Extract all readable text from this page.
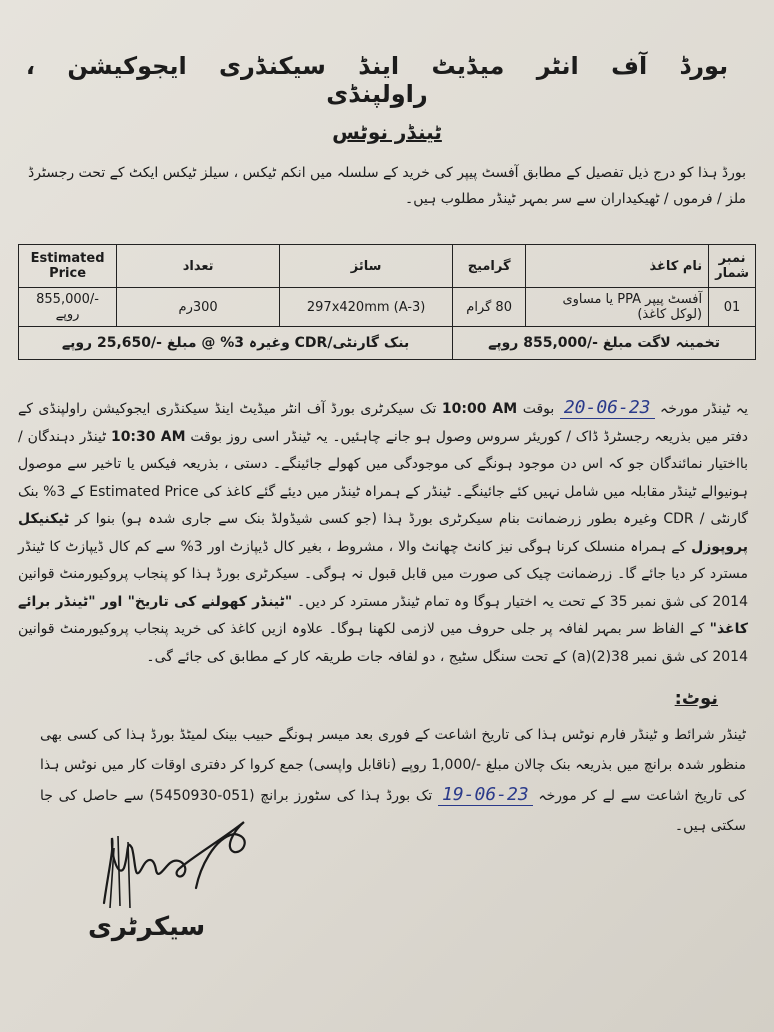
بورڈ آف انٹر میڈیٹ اینڈ سیکنڈری ایجوکیشن ، راولپنڈی
ٹینڈر نوٹس
بورڈ ہذا کو درج ذیل تفصیل کے مطابق آفسٹ پیپر کی خرید کے سلسلہ میں انکم ٹیکس ، سیلز ٹیکس ایکٹ کے تحت رجسٹرڈ ملز / فرموں / ٹھیکیداران سے سر بمہر ٹینڈر مطلوب ہیں۔
نمبر شمار	نام کاغذ	گرامیج	سائز	تعداد	Estimated Price
01	آفسٹ پیپر PPA یا مساوی (لوکل کاغذ)	80 گرام	297x420mm (A-3)	300رم	-/855,000 روپے
تخمینہ لاگت مبلغ -/855,000 روپے			بنک گارنٹی/CDR وغیرہ 3% @ مبلغ -/25,650 روپے		
یہ ٹینڈر مورخہ 20-06-23 بوقت 10:00 AM تک سیکرٹری بورڈ آف انٹر میڈیٹ اینڈ سیکنڈری ایجوکیشن راولپنڈی کے دفتر میں بذریعہ رجسٹرڈ ڈاک / کوریئر سروس وصول ہو جانے چاہئیں۔ یہ ٹینڈر اسی روز بوقت 10:30 AM ٹینڈر دہندگان / بااختیار نمائندگان جو کہ اس دن موجود ہونگے کی موجودگی میں کھولے جائینگے۔ دستی ، بذریعہ فیکس یا تاخیر سے موصول ہونیوالے ٹینڈر مقابلہ میں شامل نہیں کئے جائینگے۔ ٹینڈر کے ہمراہ ٹینڈر میں دیئے گئے کاغذ کی Estimated Price کے 3% بنک گارنٹی / CDR وغیرہ بطور زرضمانت بنام سیکرٹری بورڈ ہذا (جو کسی شیڈولڈ بنک سے جاری شدہ ہو) بنوا کر ٹیکنیکل پروپوزل کے ہمراہ منسلک کرنا ہوگی نیز کانٹ چھانٹ والا ، مشروط ، بغیر کال ڈیپازٹ اور 3% سے کم کال ڈیپازٹ کا ٹینڈر مسترد کر دیا جائے گا۔ زرضمانت چیک کی صورت میں قابل قبول نہ ہوگی۔ سیکرٹری بورڈ ہذا کو پنجاب پروکیورمنٹ قوانین 2014 کی شق نمبر 35 کے تحت یہ اختیار ہوگا وہ تمام ٹینڈر مسترد کر دیں۔ "ٹینڈر کھولنے کی تاریخ" اور "ٹینڈر برائے کاغذ" کے الفاظ سر بمہر لفافہ پر جلی حروف میں لازمی لکھنا ہوگا۔ علاوہ ازیں کاغذ کی خرید پنجاب پروکیورمنٹ قوانین 2014 کی شق نمبر 38(2)(a) کے تحت سنگل سٹیج ، دو لفافہ جات طریقہ کار کے مطابق کی جائے گی۔
نوٹ:
ٹینڈر شرائط و ٹینڈر فارم نوٹس ہذا کی تاریخ اشاعت کے فوری بعد میسر ہونگے حبیب بینک لمیٹڈ بورڈ ہذا کی کسی بھی منظور شدہ برانچ میں بذریعہ بنک چالان مبلغ -/1,000 روپے (ناقابل واپسی) جمع کروا کر دفتری اوقات کار میں نوٹس ہذا کی تاریخ اشاعت سے لے کر مورخہ 19-06-23 تک بورڈ ہذا کی سٹورز برانچ (051-5450930) سے حاصل کی جا سکتی ہیں۔
سیکرٹری
